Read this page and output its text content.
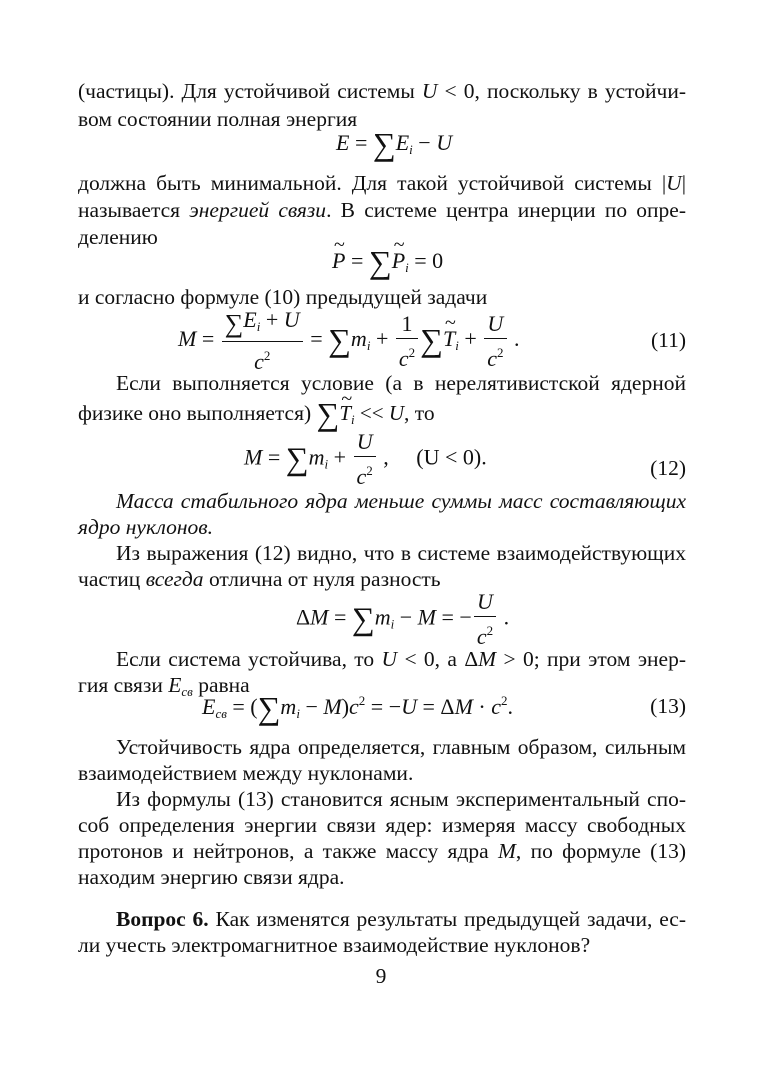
(частицы). Для устойчивой системы U < 0, поскольку в устойчи-
вом состоянии полная энергия
$E = \sum E_i - U$
должна быть минимальной. Для такой устойчивой системы |U|
называется энергией связи. В системе центра инерции по опре-
делению
~ P = ∑~ $P_i = 0$
и согласно формуле (10) предыдущей задачи
$M = \frac{\sum E_i + U}{c^2} = \sum m_i + \frac{1}{c^2}$ ∑~ $T_i + \frac{U}{c^2}$ .	(11)
Если выполняется условие (а в нерелятивистской ядерной
физике оно выполняется) ∑~ $T_i << U$, то
$M = \sum m_i + \frac{U}{c^2}$ ,     (U < 0).	(12)
Масса стабильного ядра меньше суммы масс составляющих
ядро нуклонов.
Из выражения (12) видно, что в системе взаимодействующих
частиц всегда отлична от нуля разность
$\Delta M = \sum m_i - M$ = − $\frac{U}{c^2}$ .
Если система устойчива, то U < 0, а ΔM > 0; при этом энер-
гия связи $E_{св}$ равна
$E_{св} = (\sum m_i - M)c^2 = -U = \Delta M \cdot c^2$.	(13)
Устойчивость ядра определяется, главным образом, сильным
взаимодействием между нуклонами.
Из формулы (13) становится ясным экспериментальный спо-
соб определения энергии связи ядер: измеряя массу свободных
протонов и нейтронов, а также массу ядра M, по формуле (13)
находим энергию связи ядра.
Вопрос 6. Как изменятся результаты предыдущей задачи, ес-
ли учесть электромагнитное взаимодействие нуклонов?
9
